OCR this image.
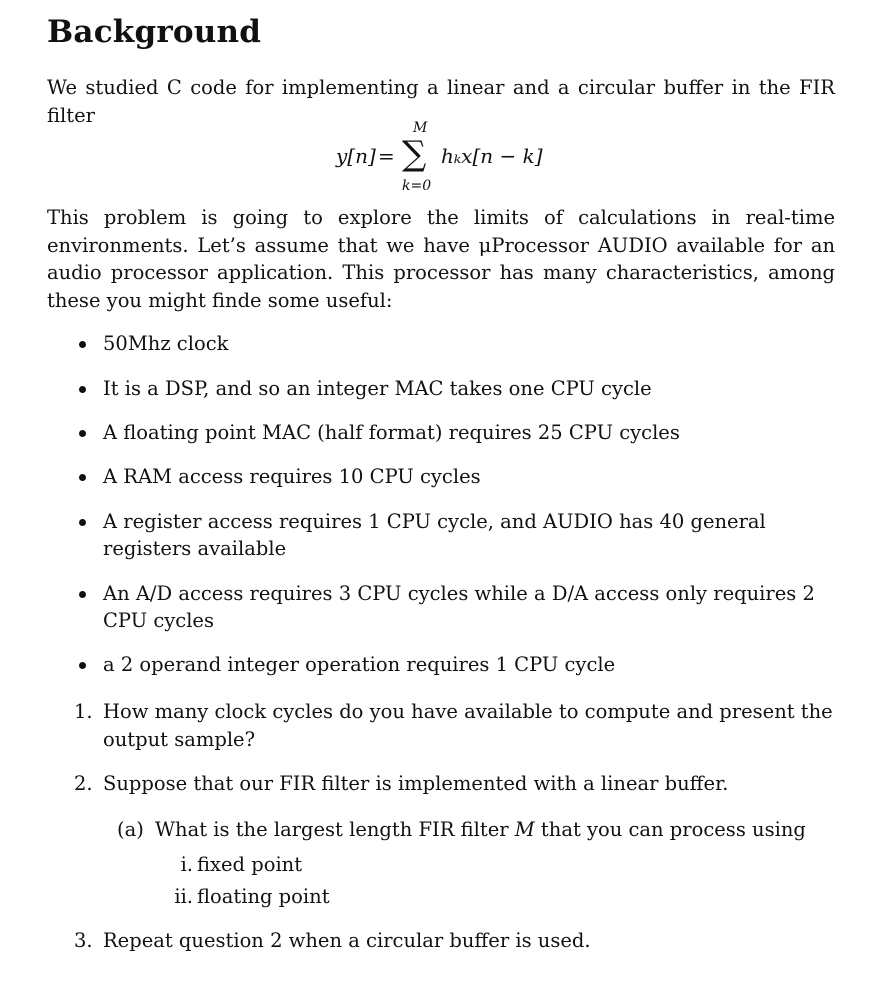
Background
We studied C code for implementing a linear and a circular buffer in the FIR filter
y[n] =
M
∑
k=0
hₖx[n − k]
This problem is going to explore the limits of calculations in real-time environments. Let’s assume that we have μProcessor AUDIO available for an audio processor application. This processor has many characteristics, among these you might finde some useful:
50Mhz clock
It is a DSP, and so an integer MAC takes one CPU cycle
A floating point MAC (half format) requires 25 CPU cycles
A RAM access requires 10 CPU cycles
A register access requires 1 CPU cycle, and AUDIO has 40 general registers available
An A/D access requires 3 CPU cycles while a D/A access only requires 2 CPU cycles
a 2 operand integer operation requires 1 CPU cycle
1. How many clock cycles do you have available to compute and present the output sample?
2. Suppose that our FIR filter is implemented with a linear buffer.
(a) What is the largest length FIR filter M that you can process using
i. fixed point
ii. floating point
3. Repeat question 2 when a circular buffer is used.
